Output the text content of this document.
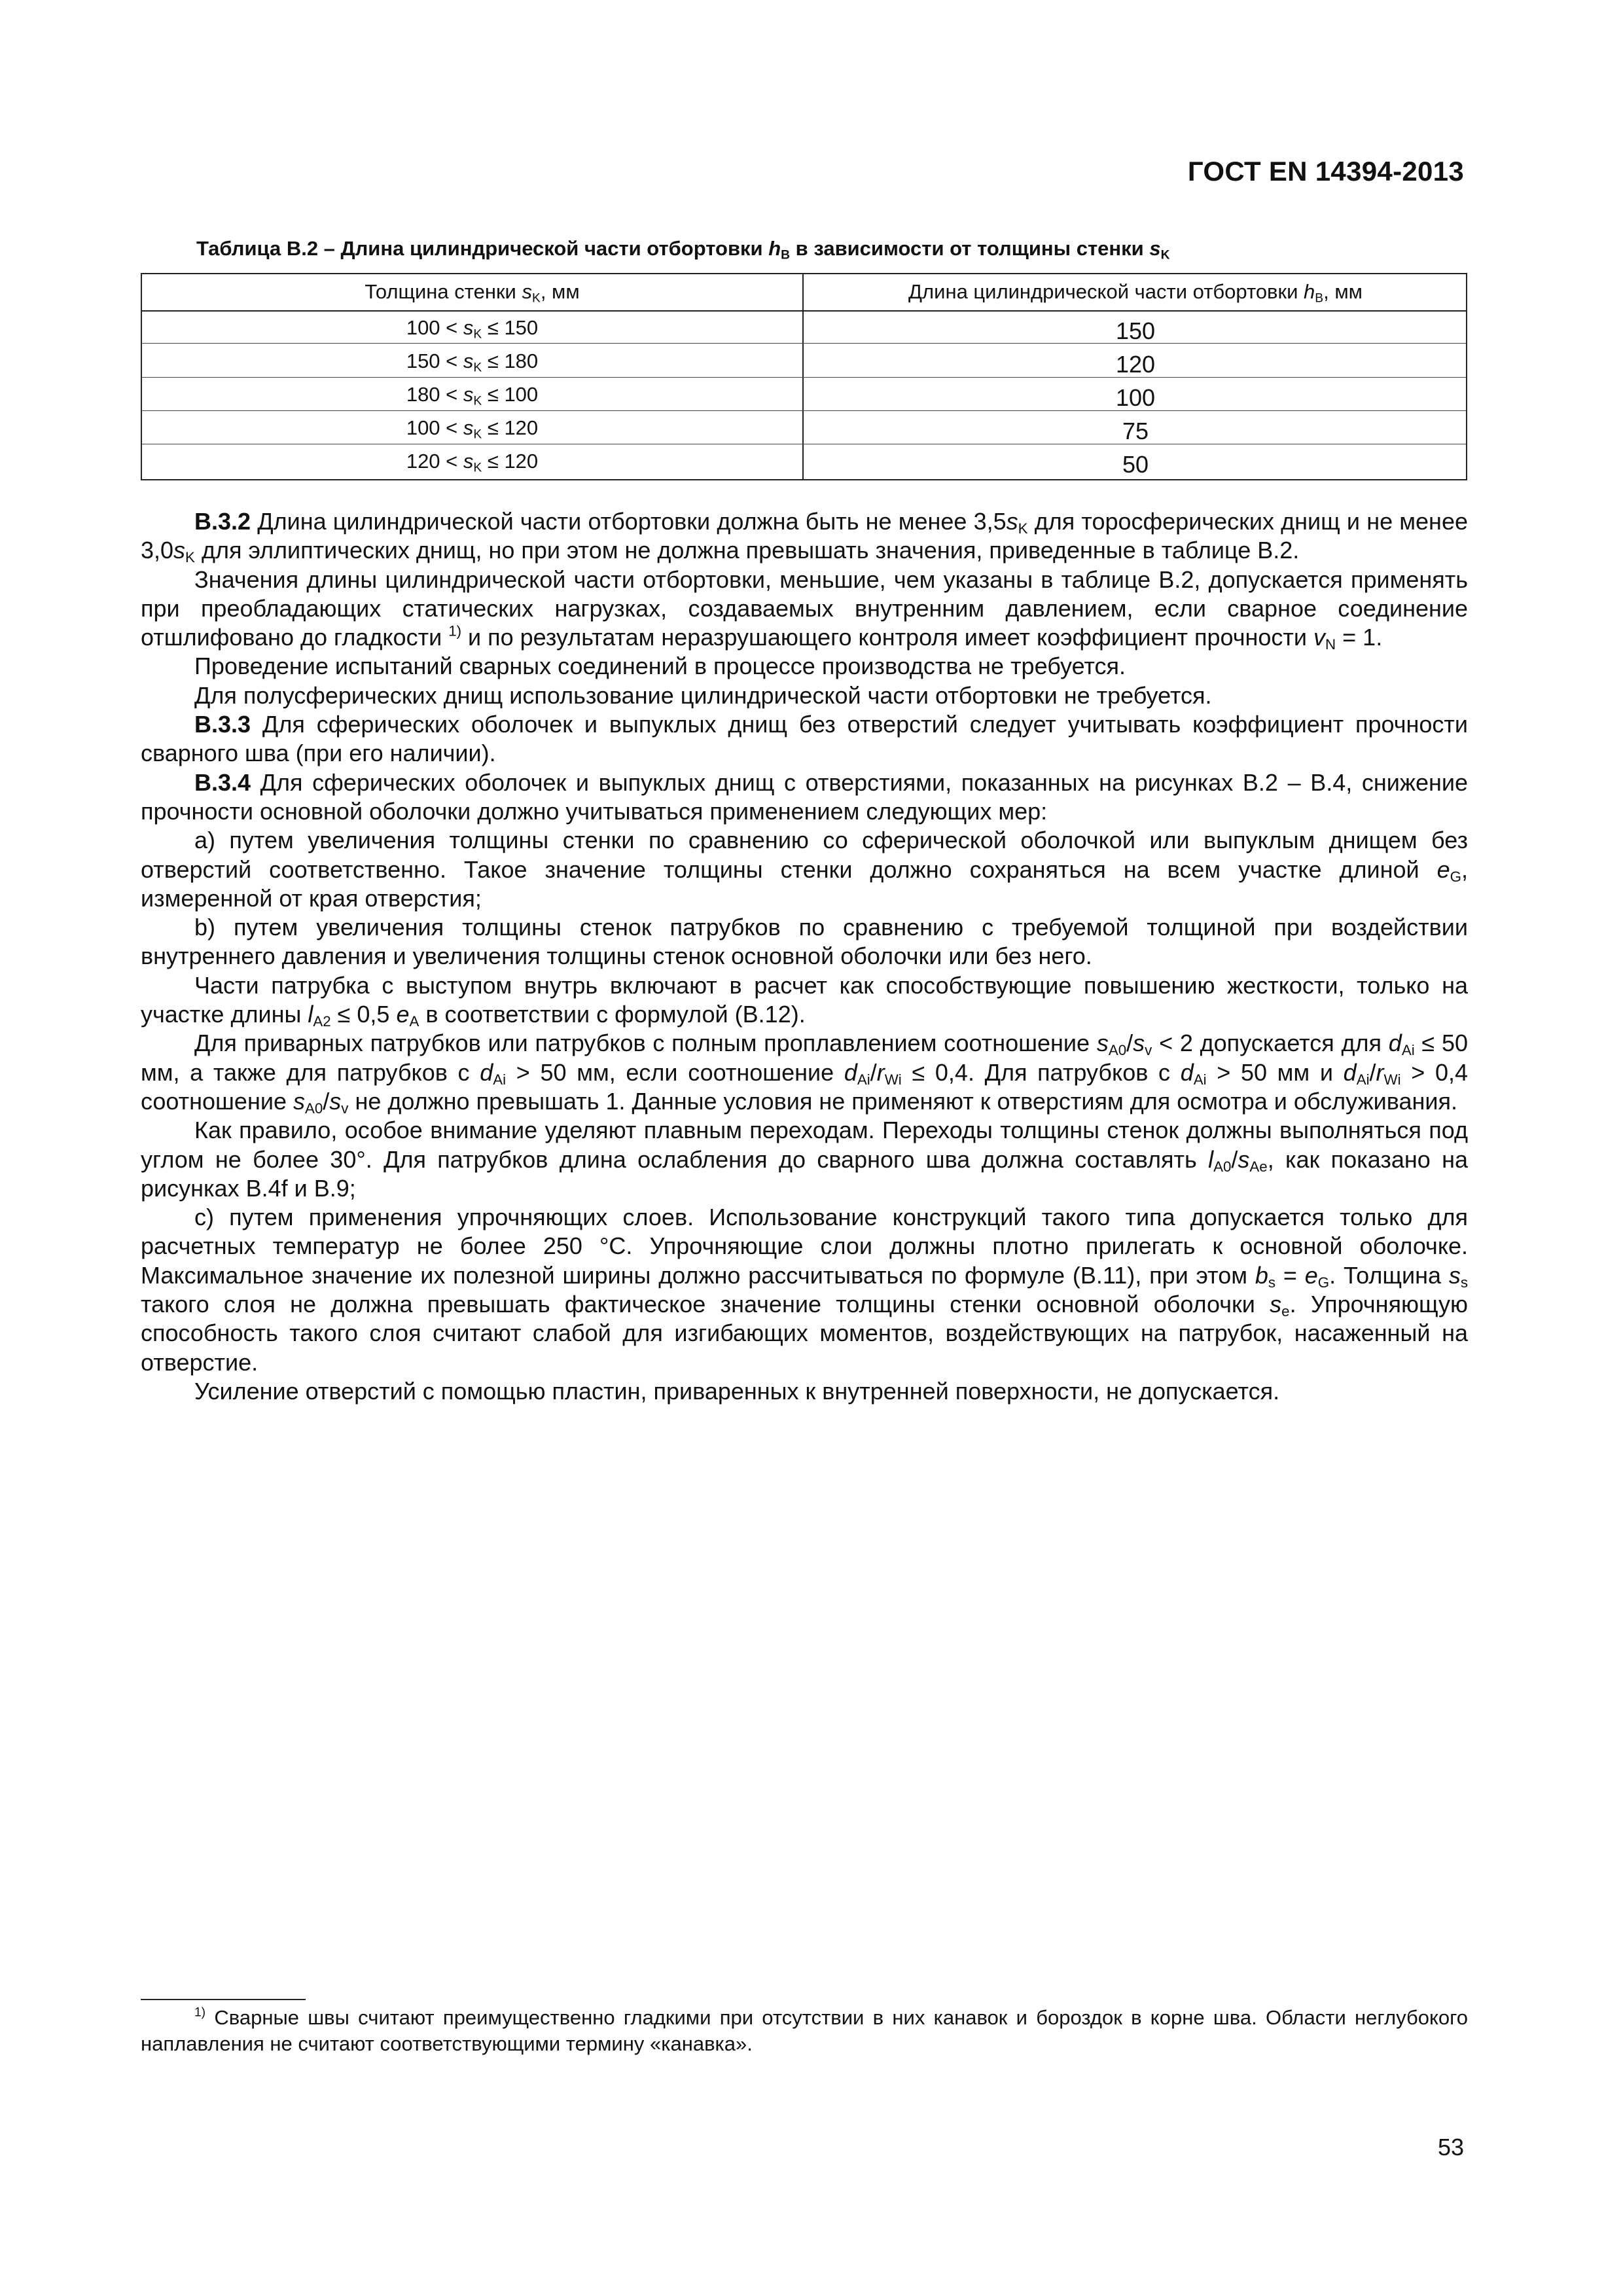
ГОСТ EN 14394-2013
Таблица В.2 – Длина цилиндрической части отбортовки $h_B$ в зависимости от толщины стенки $s_K$
Толщина стенки $s_K$, мм	Длина цилиндрической части отбортовки $h_B$, мм
$100 < s_K \le 150$	150
$150 < s_K \le 180$	120
$180 < s_K \le 100$	100
$100 < s_K \le 120$	75
$120 < s_K \le 120$	50

В.3.2 Длина цилиндрической части отбортовки должна быть не менее $3,5s_K$ для торосферических днищ и не менее $3,0s_K$ для эллиптических днищ, но при этом не должна превышать значения, приведенные в таблице В.2.

Значения длины цилиндрической части отбортовки, меньшие, чем указаны в таблице В.2, допускается применять при преобладающих статических нагрузках, создаваемых внутренним давлением, если сварное соединение отшлифовано до гладкости $^{1)}$ и по результатам неразрушающего контроля имеет коэффициент прочности $v_N = 1$.

Проведение испытаний сварных соединений в процессе производства не требуется.

Для полусферических днищ использование цилиндрической части отбортовки не требуется.

В.3.3 Для сферических оболочек и выпуклых днищ без отверстий следует учитывать коэффициент прочности сварного шва (при его наличии).

В.3.4 Для сферических оболочек и выпуклых днищ с отверстиями, показанных на рисунках В.2 – В.4, снижение прочности основной оболочки должно учитываться применением следующих мер:

a) путем увеличения толщины стенки по сравнению со сферической оболочкой или выпуклым днищем без отверстий соответственно. Такое значение толщины стенки должно сохраняться на всем участке длиной $e_G$, измеренной от края отверстия;

b) путем увеличения толщины стенок патрубков по сравнению с требуемой толщиной при воздействии внутреннего давления и увеличения толщины стенок основной оболочки или без него.

Части патрубка с выступом внутрь включают в расчет как способствующие повышению жесткости, только на участке длины $l_{A2} \le 0,5$ $e_A$ в соответствии с формулой (В.12).

Для приварных патрубков или патрубков с полным проплавлением соотношение $s_{A0}/s_v < 2$ допускается для $d_{Ai} \le 50$ мм, а также для патрубков с $d_{Ai} > 50$ мм, если соотношение $d_{Ai}/r_{Wi} \le 0,4$. Для патрубков с $d_{Ai} > 50$ мм и $d_{Ai}/r_{Wi} > 0,4$ соотношение $s_{A0}/s_v$ не должно превышать 1. Данные условия не применяют к отверстиям для осмотра и обслуживания.

Как правило, особое внимание уделяют плавным переходам. Переходы толщины стенок должны выполняться под углом не более 30°. Для патрубков длина ослабления до сварного шва должна составлять $l_{A0}/s_{Ae}$, как показано на рисунках В.4f и В.9;

c) путем применения упрочняющих слоев. Использование конструкций такого типа допускается только для расчетных температур не более 250 °C. Упрочняющие слои должны плотно прилегать к основной оболочке. Максимальное значение их полезной ширины должно рассчитываться по формуле (В.11), при этом $b_s = e_G$. Толщина $s_s$ такого слоя не должна превышать фактическое значение толщины стенки основной оболочки $s_e$. Упрочняющую способность такого слоя считают слабой для изгибающих моментов, воздействующих на патрубок, насаженный на отверстие.

Усиление отверстий с помощью пластин, приваренных к внутренней поверхности, не допускается.

$^{1)}$ Сварные швы считают преимущественно гладкими при отсутствии в них канавок и бороздок в корне шва. Области неглубокого наплавления не считают соответствующими термину «канавка».

53
